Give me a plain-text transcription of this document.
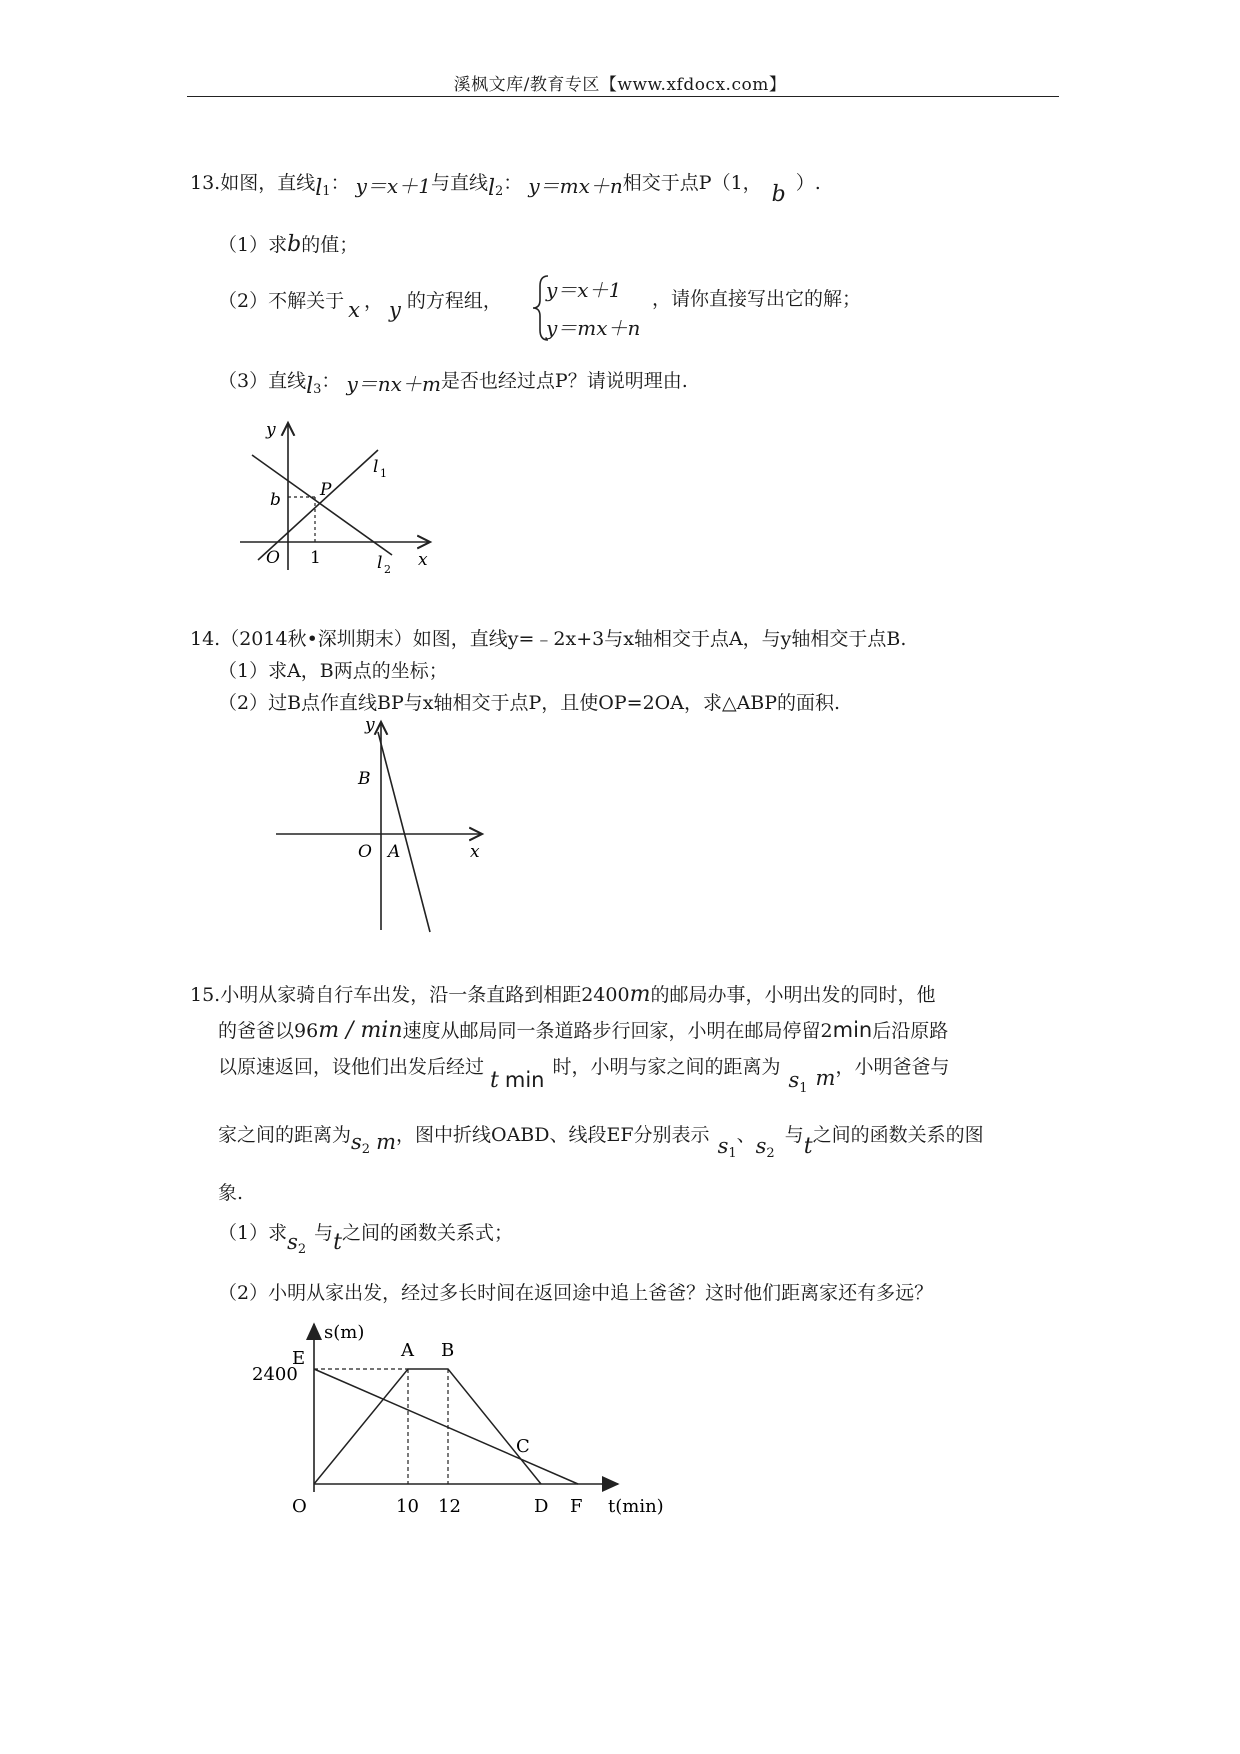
溪枫文库/教育专区【www.xfdocx.com】
13.如图，直线$l_1$： y＝x＋1与直线$l_2$： y＝mx＋n相交于点P（1， b ）.
（1）求b的值；
（2）不解关于 x ， y 的方程组， y＝x＋1
y＝mx＋n
，请你直接写出它的解；
（3）直线$l_3$： y＝nx＋m是否也经过点P？请说明理由.
y
x
O
b P
1
l 1
l 2
14.（2014秋•深圳期末）如图，直线y=﹣2x+3与x轴相交于点A，与y轴相交于点B.
（1）求A，B两点的坐标；
（2）过B点作直线BP与x轴相交于点P，且使OP=2OA，求△ABP的面积.
y
x
B
O A
15.小明从家骑自行车出发，沿一条直路到相距2400m的邮局办事，小明出发的同时，他
的爸爸以96m / min速度从邮局同一条道路步行回家，小明在邮局停留2min后沿原路
以原速返回，设他们出发后经过t min时，小明与家之间的距离为$s_1$ m，小明爸爸与
家之间的距离为$s_2$ m，图中折线OABD、线段EF分别表示 $s_1$、$s_2$与t之间的函数关系的图
象.
（1）求$s_2$与t之间的函数关系式；
（2）小明从家出发，经过多长时间在返回途中追上爸爸？这时他们距离家还有多远？
s(m)
t(min)
E
2400
A B
C
O	10 12	D F
